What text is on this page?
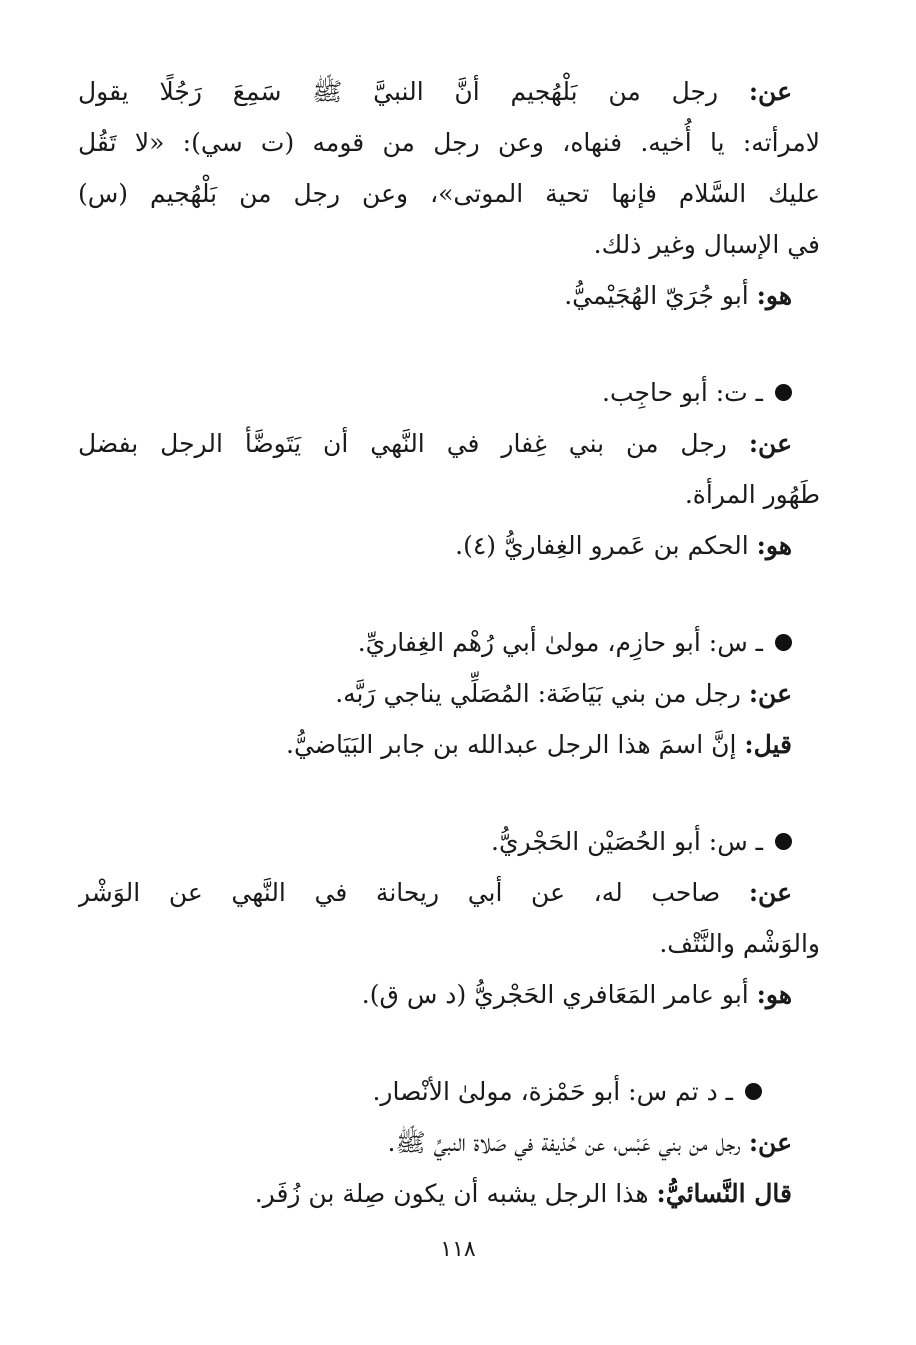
عن: رجل من بَلْهُجيم أنَّ النبيَّ ﷺ سَمِعَ رَجُلًا يقول
لامرأته: يا أُخيه. فنهاه، وعن رجل من قومه (ت سي): «لا تَقُل
عليك السَّلام فإنها تحية الموتى»، وعن رجل من بَلْهُجيم (س)
في الإسبال وغير ذلك.
هو: أبو جُرَيّ الهُجَيْميُّ.
ـ ت: أبو حاجِب.
عن: رجل من بني غِفار في النَّهي أن يَتَوضَّأ الرجل بفضل
طَهُور المرأة.
هو: الحكم بن عَمرو الغِفاريُّ (٤).
ـ س: أبو حازِم، مولىٰ أبي رُهْم الغِفاريِّ.
عن: رجل من بني بَيَاضَة: المُصَلِّي يناجي رَبَّه.
قيل: إنَّ اسمَ هذا الرجل عبدالله بن جابر البَيَاضيُّ.
ـ س: أبو الحُصَيْن الحَجْريُّ.
عن: صاحب له، عن أبي ريحانة في النَّهي عن الوَشْر
والوَشْم والنَّتْف.
هو: أبو عامر المَعَافري الحَجْريُّ (د س ق).
ـ د تم س: أبو حَمْزة، مولىٰ الأنْصار.
عن: رجل من بني عَبْس، عن حُذيفة في صَلاة النبيِّ ﷺ.
قال النَّسائيُّ: هذا الرجل يشبه أن يكون صِلة بن زُفَر.
١١٨
